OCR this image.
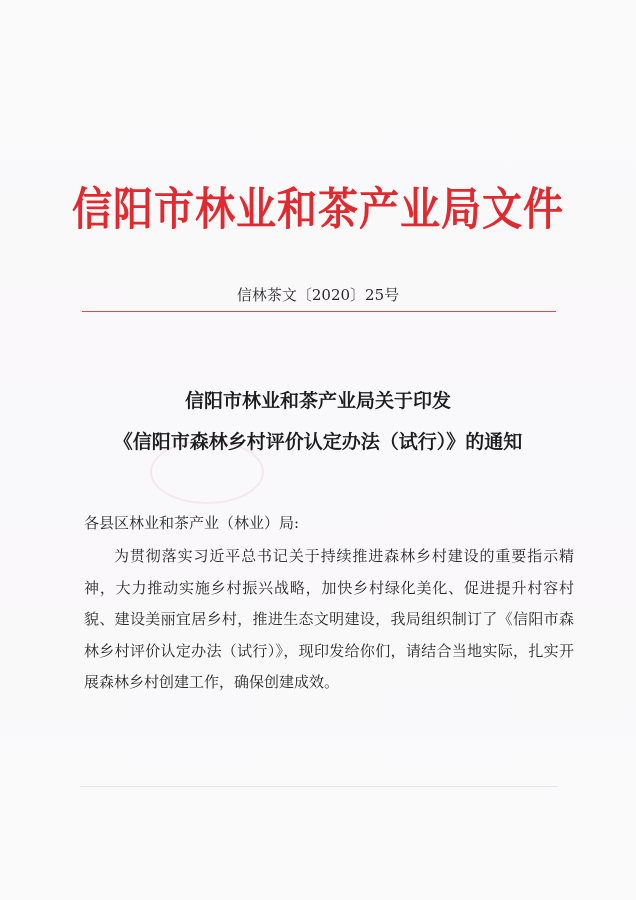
信阳市林业和茶产业局文件
信林茶文〔2020〕25号
信阳市林业和茶产业局关于印发
《信阳市森林乡村评价认定办法（试行）》的通知
各县区林业和茶产业（林业）局:

为贯彻落实习近平总书记关于持续推进森林乡村建设的重要指示精神，大力推动实施乡村振兴战略，加快乡村绿化美化、促进提升村容村貌、建设美丽宜居乡村，推进生态文明建设，我局组织制订了《信阳市森林乡村评价认定办法（试行）》，现印发给你们，请结合当地实际，扎实开展森林乡村创建工作，确保创建成效。
